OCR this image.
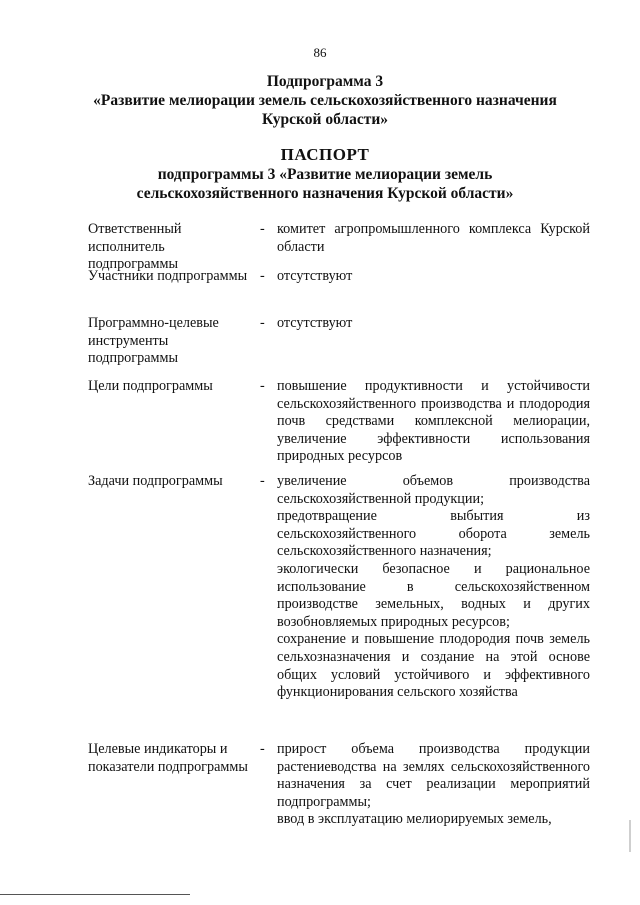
86
Подпрограмма 3
«Развитие мелиорации земель сельскохозяйственного назначения
Курской области»
ПАСПОРТ
подпрограммы 3 «Развитие мелиорации земель
сельскохозяйственного назначения Курской области»
Ответственный исполнитель подпрограммы
- комитет агропромышленного комплекса Курской области
Участники подпрограммы - отсутствуют
Программно-целевые инструменты подпрограммы
- отсутствуют
Цели подпрограммы	- повышение продуктивности и устойчивости сельскохозяйственного производства и плодородия почв средствами комплексной мелиорации, увеличение эффективности использования природных ресурсов
Задачи подпрограммы	- увеличение объемов производства сельскохозяйственной продукции;
предотвращение выбытия из сельскохозяйственного оборота земель сельскохозяйственного назначения;
экологически безопасное и рациональное использование в сельскохозяйственном производстве земельных, водных и других возобновляемых природных ресурсов;
сохранение и повышение плодородия почв земель сельхозназначения и создание на этой основе общих условий устойчивого и эффективного функционирования сельского хозяйства
Целевые индикаторы и показатели подпрограммы
- прирост объема производства продукции растениеводства на землях сельскохозяйственного назначения за счет реализации мероприятий подпрограммы;
ввод в эксплуатацию мелиорируемых земель,
